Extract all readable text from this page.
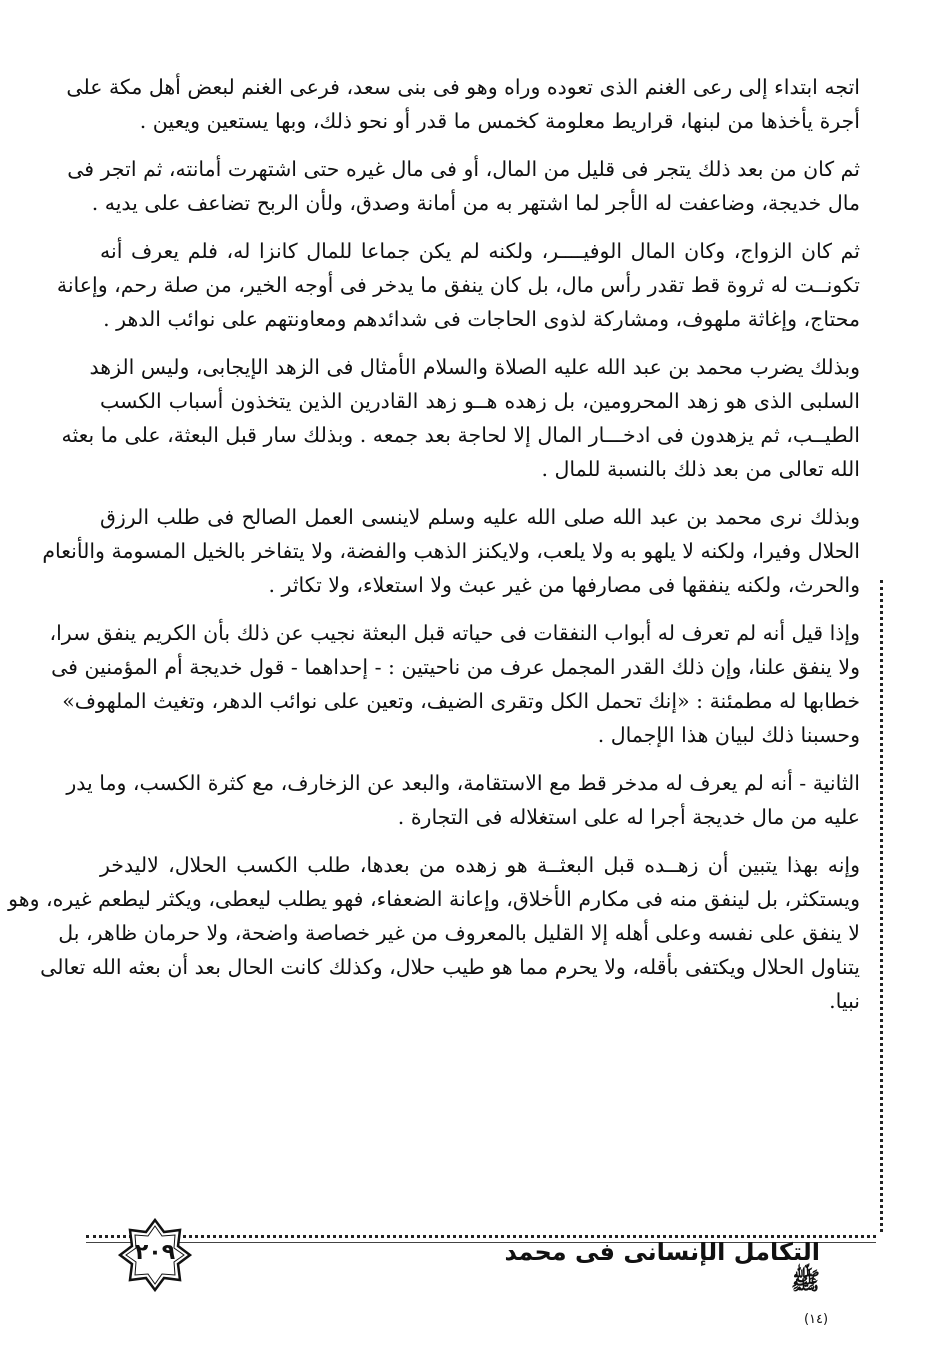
اتجه ابتداء إلى رعى الغنم الذى تعوده وراه وهو فى بنى سعد، فرعى الغنم لبعض أهل مكة على
أجرة يأخذها من لبنها، قراريط معلومة كخمس ما قدر أو نحو ذلك، وبها يستعين ويعين .

ثم كان من بعد ذلك يتجر فى قليل من المال، أو فى مال غيره حتى اشتهرت أمانته، ثم اتجر فى
مال خديجة، وضاعفت له الأجر لما اشتهر به من أمانة وصدق، ولأن الربح تضاعف على يديه .

ثم كان الزواج، وكان المال الوفيــــر، ولكنه لم يكن جماعا للمال كانزا له، فلم يعرف أنه
تكونــت له ثروة قط تقدر رأس مال، بل كان ينفق ما يدخر فى أوجه الخير، من صلة رحم، وإعانة
محتاج، وإغاثة ملهوف، ومشاركة لذوى الحاجات فى شدائدهم ومعاونتهم على نوائب الدهر .

وبذلك يضرب محمد بن عبد الله عليه الصلاة والسلام الأمثال فى الزهد الإيجابى، وليس الزهد
السلبى الذى هو زهد المحرومين، بل زهده هــو زهد القادرين الذين يتخذون أسباب الكسب
الطيــب، ثم يزهدون فى ادخـــار المال إلا لحاجة بعد جمعه . وبذلك سار قبل البعثة، على ما بعثه
الله تعالى من بعد ذلك بالنسبة للمال .

وبذلك نرى محمد بن عبد الله صلى الله عليه وسلم لاينسى العمل الصالح فى طلب الرزق
الحلال وفيرا، ولكنه لا يلهو به ولا يلعب، ولايكنز الذهب والفضة، ولا يتفاخر بالخيل المسومة والأنعام
والحرث، ولكنه ينفقها فى مصارفها من غير عبث ولا استعلاء، ولا تكاثر .

وإذا قيل أنه لم تعرف له أبواب النفقات فى حياته قبل البعثة نجيب عن ذلك بأن الكريم ينفق سرا،
ولا ينفق علنا، وإن ذلك القدر المجمل عرف من ناحيتين : - إحداهما - قول خديجة أم المؤمنين فى
خطابها له مطمئنة : «إنك تحمل الكل وتقرى الضيف، وتعين على نوائب الدهر، وتغيث الملهوف»
وحسبنا ذلك لبيان هذا الإجمال .

الثانية - أنه لم يعرف له مدخر قط مع الاستقامة، والبعد عن الزخارف، مع كثرة الكسب، وما يدر
عليه من مال خديجة أجرا له على استغلاله فى التجارة .

وإنه بهذا يتبين أن زهــده قبل البعثــة هو زهده من بعدها، طلب الكسب الحلال، لاليدخر
ويستكثر، بل لينفق منه فى مكارم الأخلاق، وإعانة الضعفاء، فهو يطلب ليعطى، ويكثر ليطعم غيره، وهو
لا ينفق على نفسه وعلى أهله إلا القليل بالمعروف من غير خصاصة واضحة، ولا حرمان ظاهر، بل
يتناول الحلال ويكتفى بأقله، ولا يحرم مما هو طيب حلال، وكذلك كانت الحال بعد أن بعثه الله تعالى
نبيا.

٢٠٩	التكامل الإنسانى فى محمد ﷺ
(١٤)
